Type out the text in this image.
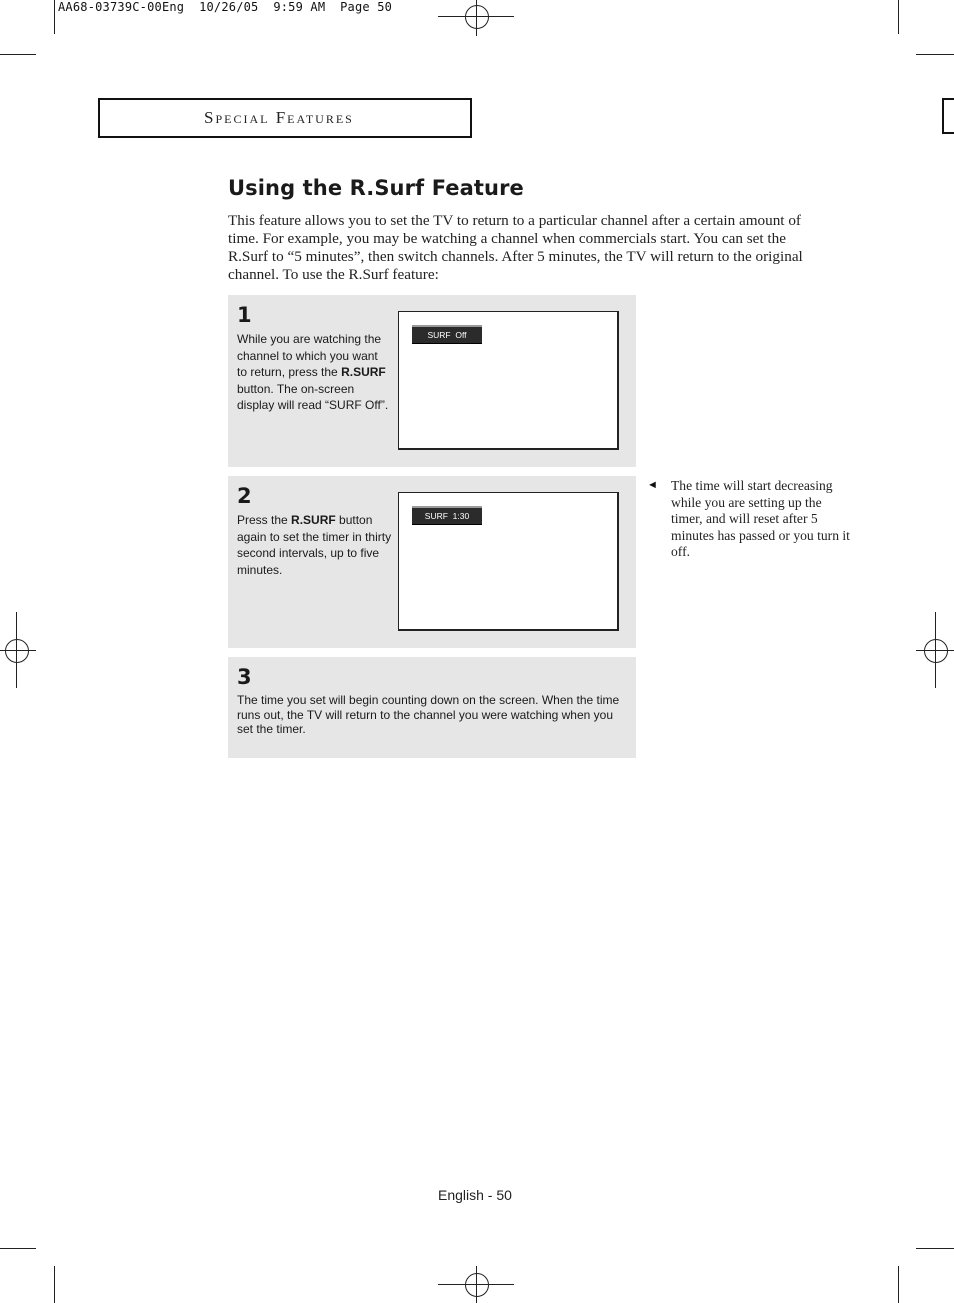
AA68-03739C-00Eng  10/26/05  9:59 AM  Page 50
Special Features
Using the R.Surf Feature
This feature allows you to set the TV to return to a particular channel after a certain amount of time. For example, you may be watching a channel when commercials start. You can set the R.Surf to “5 minutes”, then switch channels. After 5 minutes, the TV will return to the original channel. To use the R.Surf feature:
1
While you are watching the channel to which you want to return, press the R.SURF button. The on-screen display will read “SURF Off”.
SURF  Off
2
Press the R.SURF button again to set the timer in thirty second intervals, up to five minutes.
SURF  1:30
3
The time you set will begin counting down on the screen. When the time runs out, the TV will return to the channel you were watching when you set the timer.
◄ The time will start decreasing while you are setting up the timer, and will reset after 5 minutes has passed or you turn it off.
English - 50
